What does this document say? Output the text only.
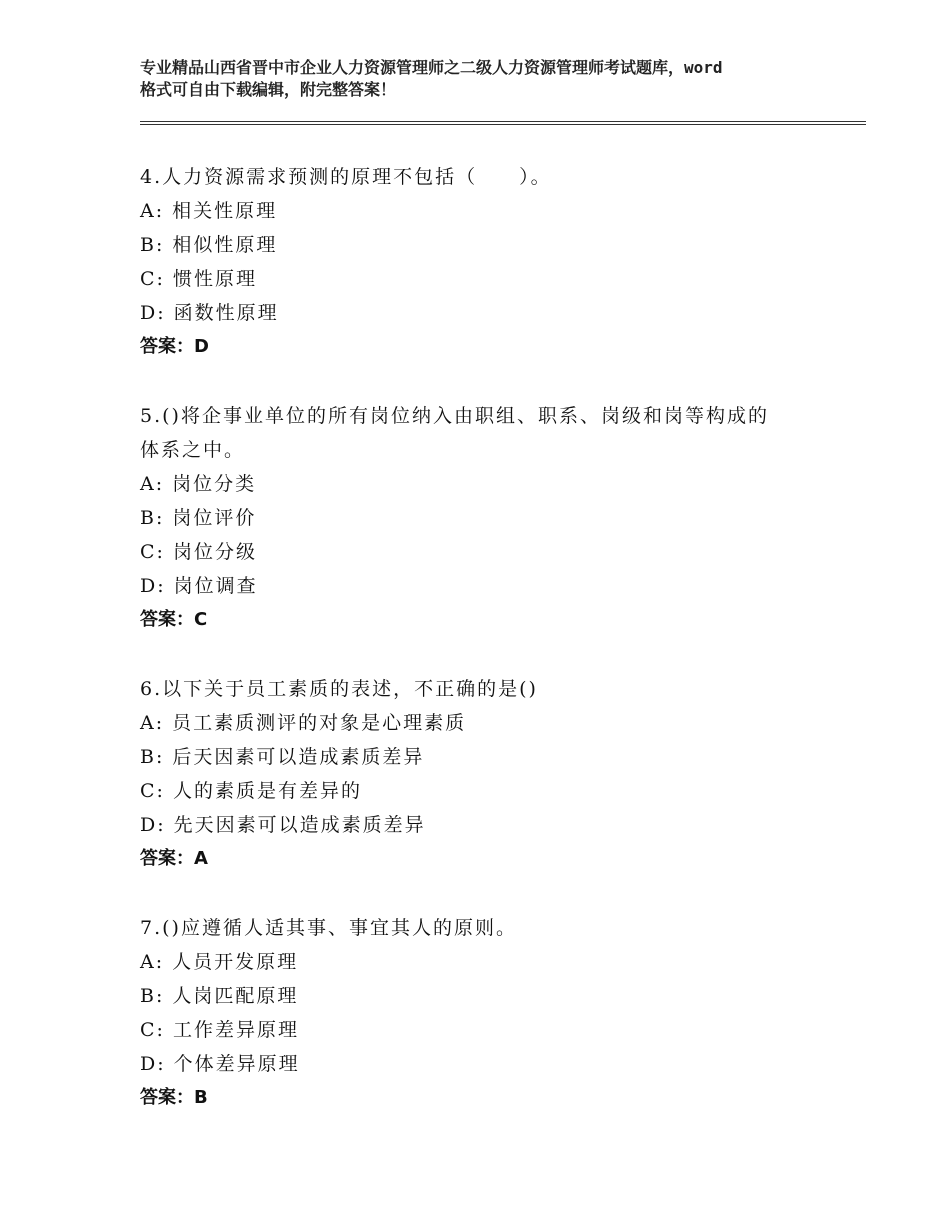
专业精品山西省晋中市企业人力资源管理师之二级人力资源管理师考试题库，word
格式可自由下载编辑，附完整答案！
4.人力资源需求预测的原理不包括（　　）。
A: 相关性原理
B: 相似性原理
C: 惯性原理
D: 函数性原理
答案：D
5.()将企事业单位的所有岗位纳入由职组、职系、岗级和岗等构成的
体系之中。
A: 岗位分类
B: 岗位评价
C: 岗位分级
D: 岗位调查
答案：C
6.以下关于员工素质的表述，不正确的是()
A: 员工素质测评的对象是心理素质
B: 后天因素可以造成素质差异
C: 人的素质是有差异的
D: 先天因素可以造成素质差异
答案：A
7.()应遵循人适其事、事宜其人的原则。
A: 人员开发原理
B: 人岗匹配原理
C: 工作差异原理
D: 个体差异原理
答案：B
